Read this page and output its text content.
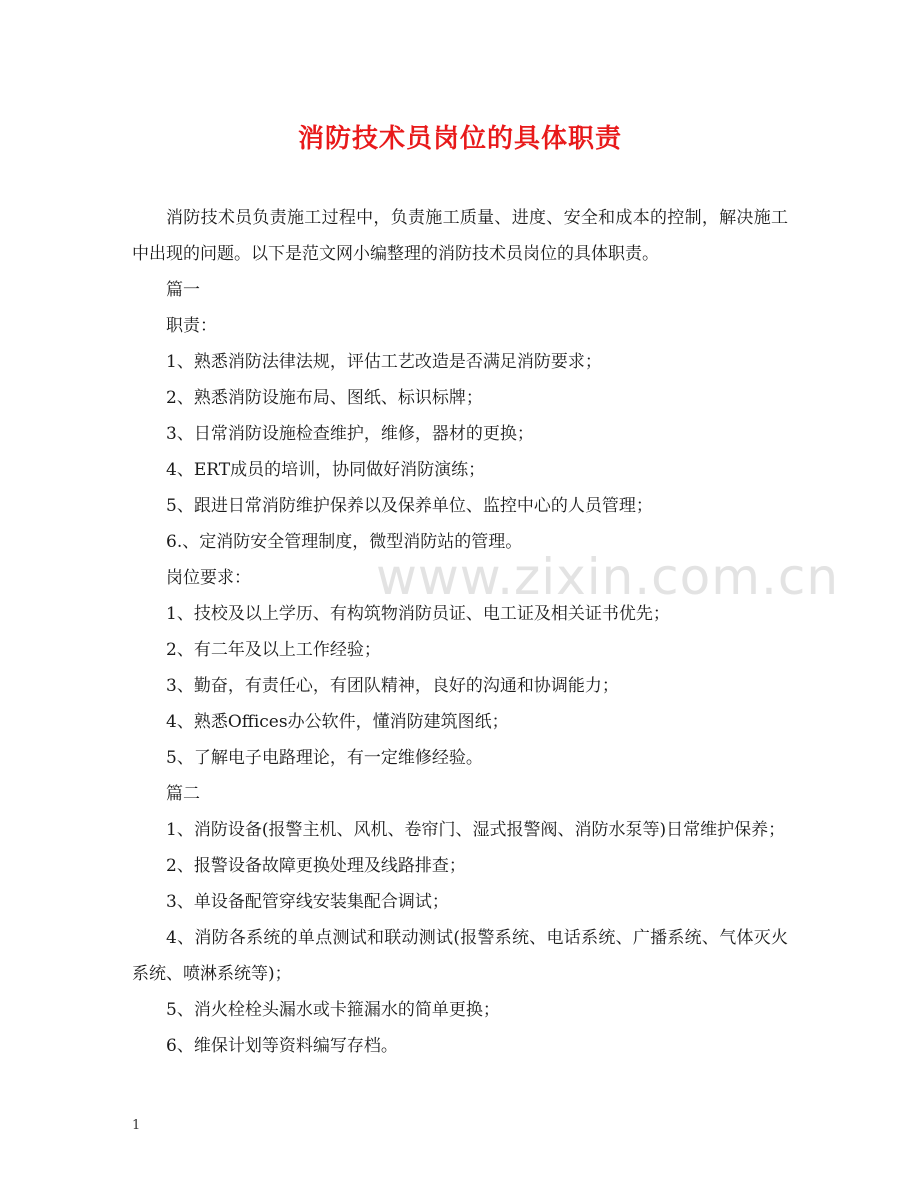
www.zixin.com.cn
消防技术员岗位的具体职责

消防技术员负责施工过程中，负责施工质量、进度、安全和成本的控制，解决施工中出现的问题。以下是范文网小编整理的消防技术员岗位的具体职责。

篇一

职责：

1、熟悉消防法律法规，评估工艺改造是否满足消防要求；

2、熟悉消防设施布局、图纸、标识标牌；

3、日常消防设施检查维护，维修，器材的更换；

4、ERT成员的培训，协同做好消防演练；

5、跟进日常消防维护保养以及保养单位、监控中心的人员管理；

6.、定消防安全管理制度，微型消防站的管理。

岗位要求：

1、技校及以上学历、有构筑物消防员证、电工证及相关证书优先；

2、有二年及以上工作经验；

3、勤奋，有责任心，有团队精神，良好的沟通和协调能力；

4、熟悉Offices办公软件，懂消防建筑图纸；

5、了解电子电路理论，有一定维修经验。

篇二

1、消防设备(报警主机、风机、卷帘门、湿式报警阀、消防水泵等)日常维护保养；

2、报警设备故障更换处理及线路排查；

3、单设备配管穿线安装集配合调试；

4、消防各系统的单点测试和联动测试(报警系统、电话系统、广播系统、气体灭火系统、喷淋系统等)；

5、消火栓栓头漏水或卡箍漏水的简单更换；

6、维保计划等资料编写存档。

1
